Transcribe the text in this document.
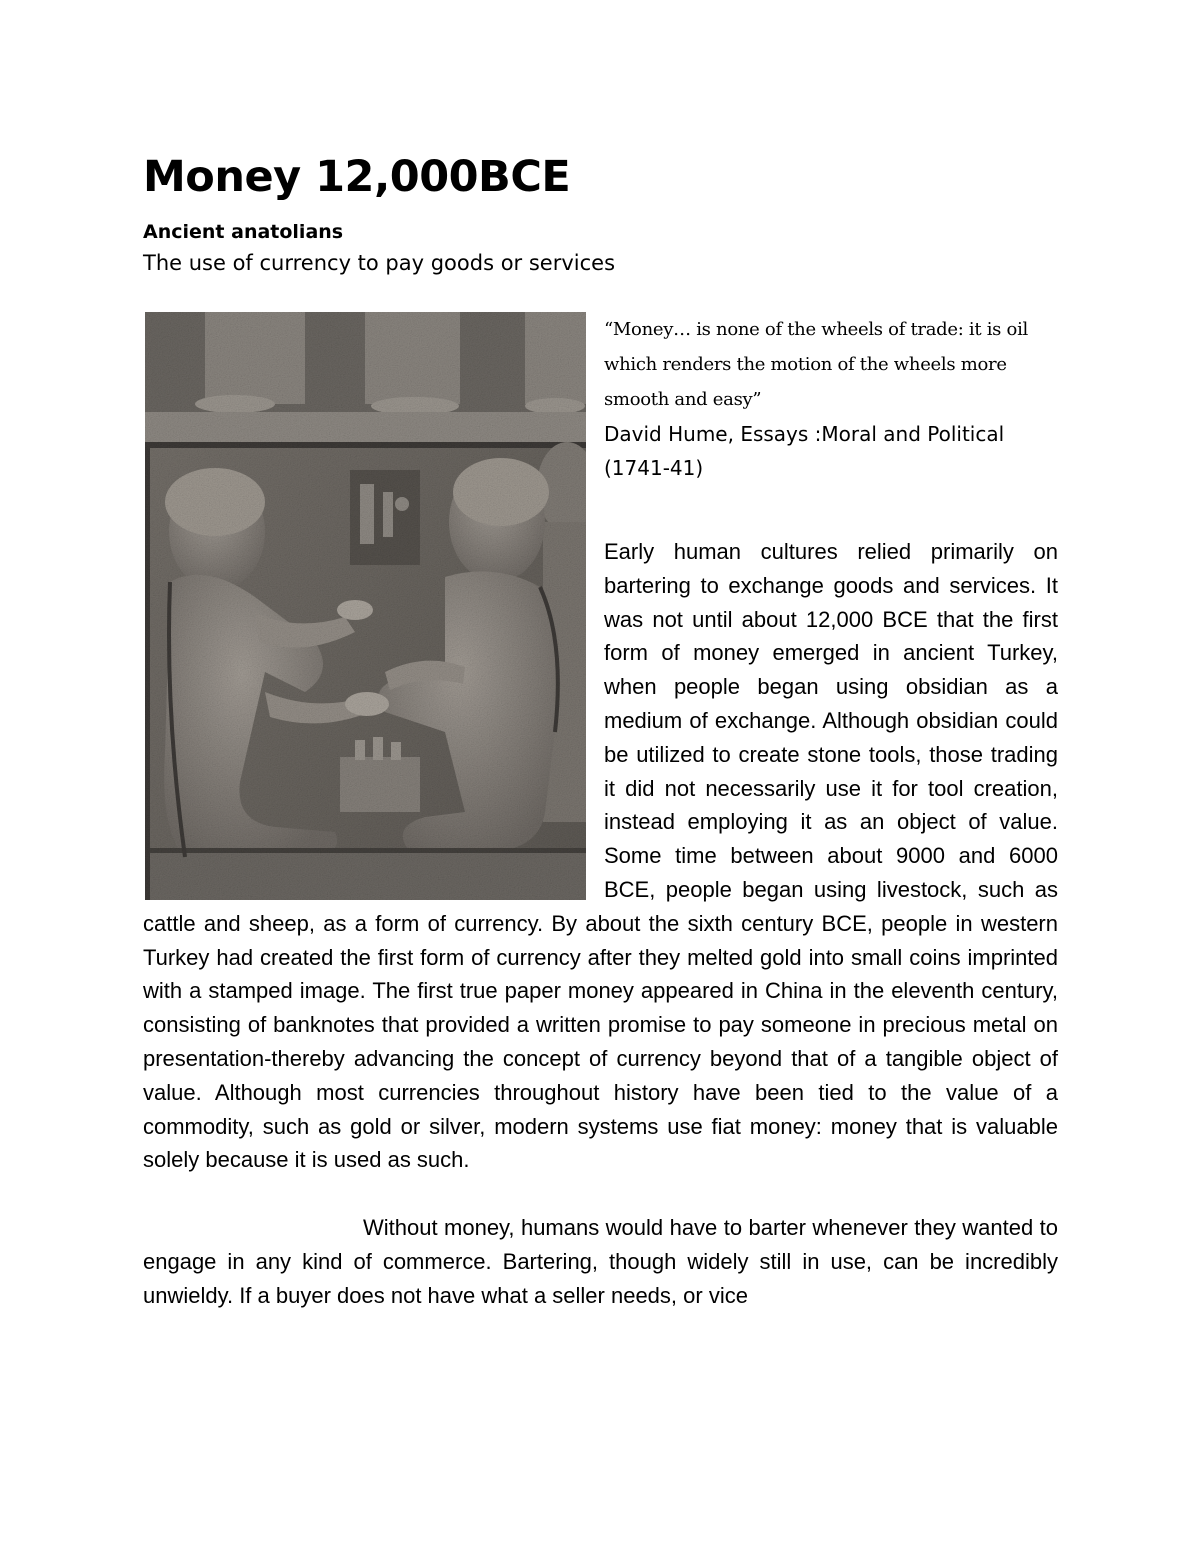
Money 12,000BCE
Ancient anatolians
The use of currency to pay goods or services

“Money… is none of the wheels of trade: it is oil which renders the motion of the wheels more smooth and easy”

David Hume, Essays :Moral and Political (1741-41)

Early human cultures relied primarily on bartering to exchange goods and services. It was not until about 12,000 BCE that the first form of money emerged in ancient Turkey, when people began using obsidian as a medium of exchange. Although obsidian could be utilized to create stone tools, those trading it did not necessarily use it for tool creation, instead employing it as an object of value. Some time between about 9000 and 6000 BCE, people began using livestock, such as cattle and sheep, as a form of currency. By about the sixth century BCE, people in western Turkey had created the first form of currency after they melted gold into small coins imprinted with a stamped image. The first true paper money appeared in China in the eleventh century, consisting of banknotes that provided a written promise to pay someone in precious metal on presentation-thereby advancing the concept of currency beyond that of a tangible object of value. Although most currencies throughout history have been tied to the value of a commodity, such as gold or silver, modern systems use fiat money: money that is valuable solely because it is used as such.

Without money, humans would have to barter whenever they wanted to engage in any kind of commerce. Bartering, though widely still in use, can be incredibly unwieldy. If a buyer does not have what a seller needs, or vice
